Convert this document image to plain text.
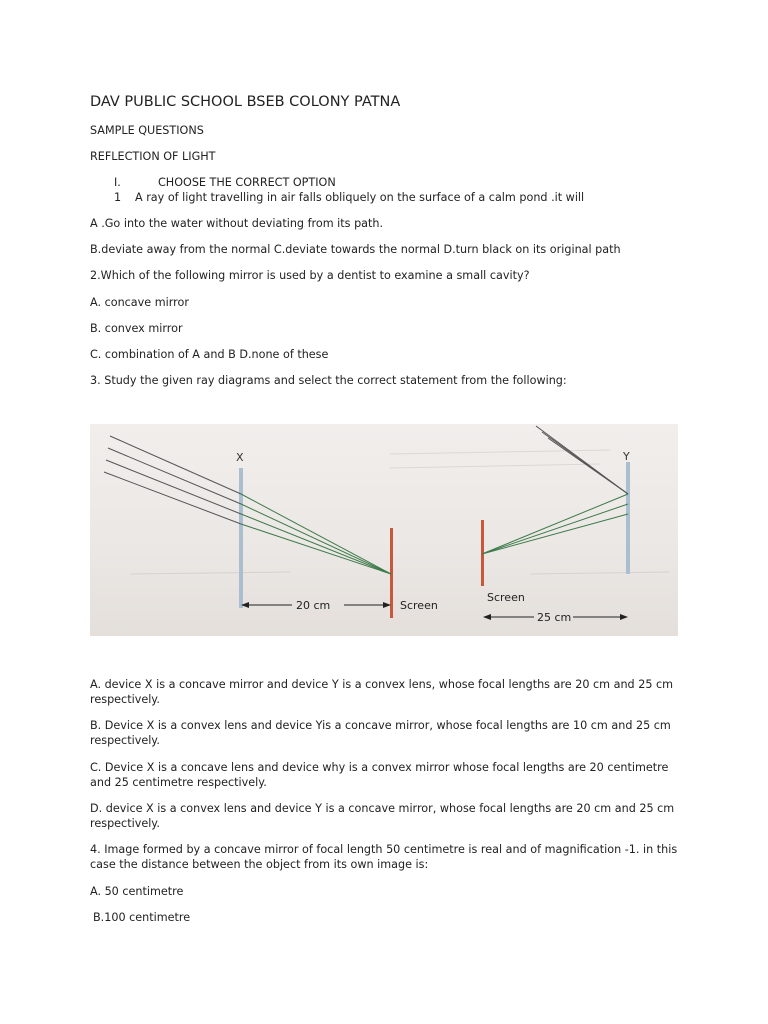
DAV PUBLIC SCHOOL BSEB COLONY PATNA
SAMPLE QUESTIONS
REFLECTION OF LIGHT
I.	CHOOSE THE CORRECT OPTION
1 A ray of light travelling in air falls obliquely on the surface of a calm pond .it will
A .Go into the water without deviating from its path.
B.deviate away from the normal C.deviate towards the normal D.turn black on its original path
2.Which of the following mirror is used by a dentist to examine a small cavity?
A. concave mirror
B. convex mirror
C. combination of A and B D.none of these
3. Study the given ray diagrams and select the correct statement from the following:
X	Y
20 cm	Screen
Screen
25 cm
A. device X is a concave mirror and device Y is a convex lens, whose focal lengths are 20 cm and 25 cm respectively.
B. Device X is a convex lens and device Yis a concave mirror, whose focal lengths are 10 cm and 25 cm respectively.
C. Device X is a concave lens and device why is a convex mirror whose focal lengths are 20 centimetre and 25 centimetre respectively.
D. device X is a convex lens and device Y is a concave mirror, whose focal lengths are 20 cm and 25 cm respectively.
4. Image formed by a concave mirror of focal length 50 centimetre is real and of magnification -1. in this case the distance between the object from its own image is:
A. 50 centimetre
B.100 centimetre
